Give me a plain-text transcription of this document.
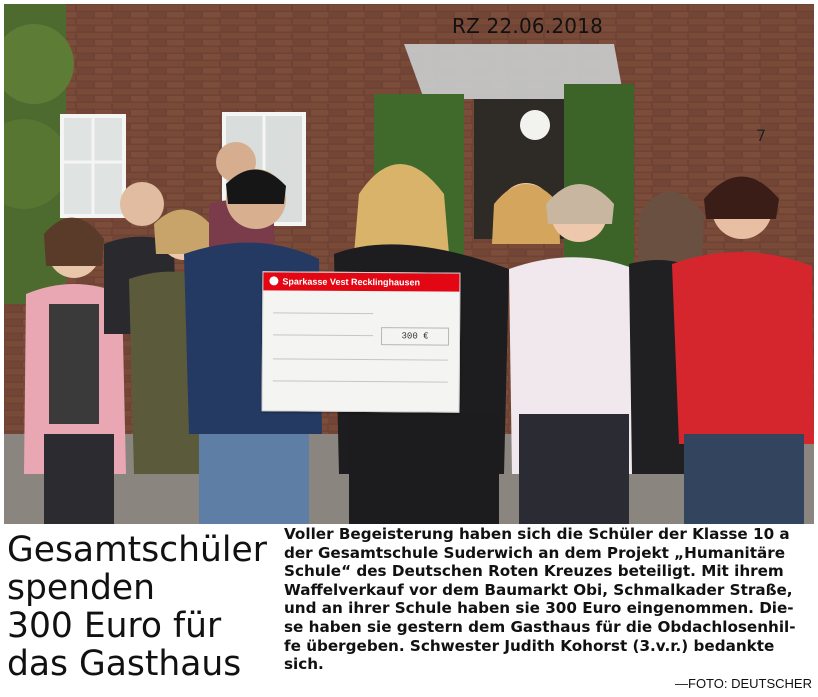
RZ 22.06.2018
7
Sparkasse Vest Recklinghausen
300 €
Gesamtschüler
spenden
300 Euro für
das Gasthaus
Voller Begeisterung haben sich die Schüler der Klasse 10 a
der Gesamtschule Suderwich an dem Projekt „Humanitäre
Schule“ des Deutschen Roten Kreuzes beteiligt. Mit ihrem
Waffelverkauf vor dem Baumarkt Obi, Schmalkader Straße,
und an ihrer Schule haben sie 300 Euro eingenommen. Die-
se haben sie gestern dem Gasthaus für die Obdachlosenhil-
fe übergeben. Schwester Judith Kohorst (3.v.r.) bedankte
sich.
—FOTO: DEUTSCHER
